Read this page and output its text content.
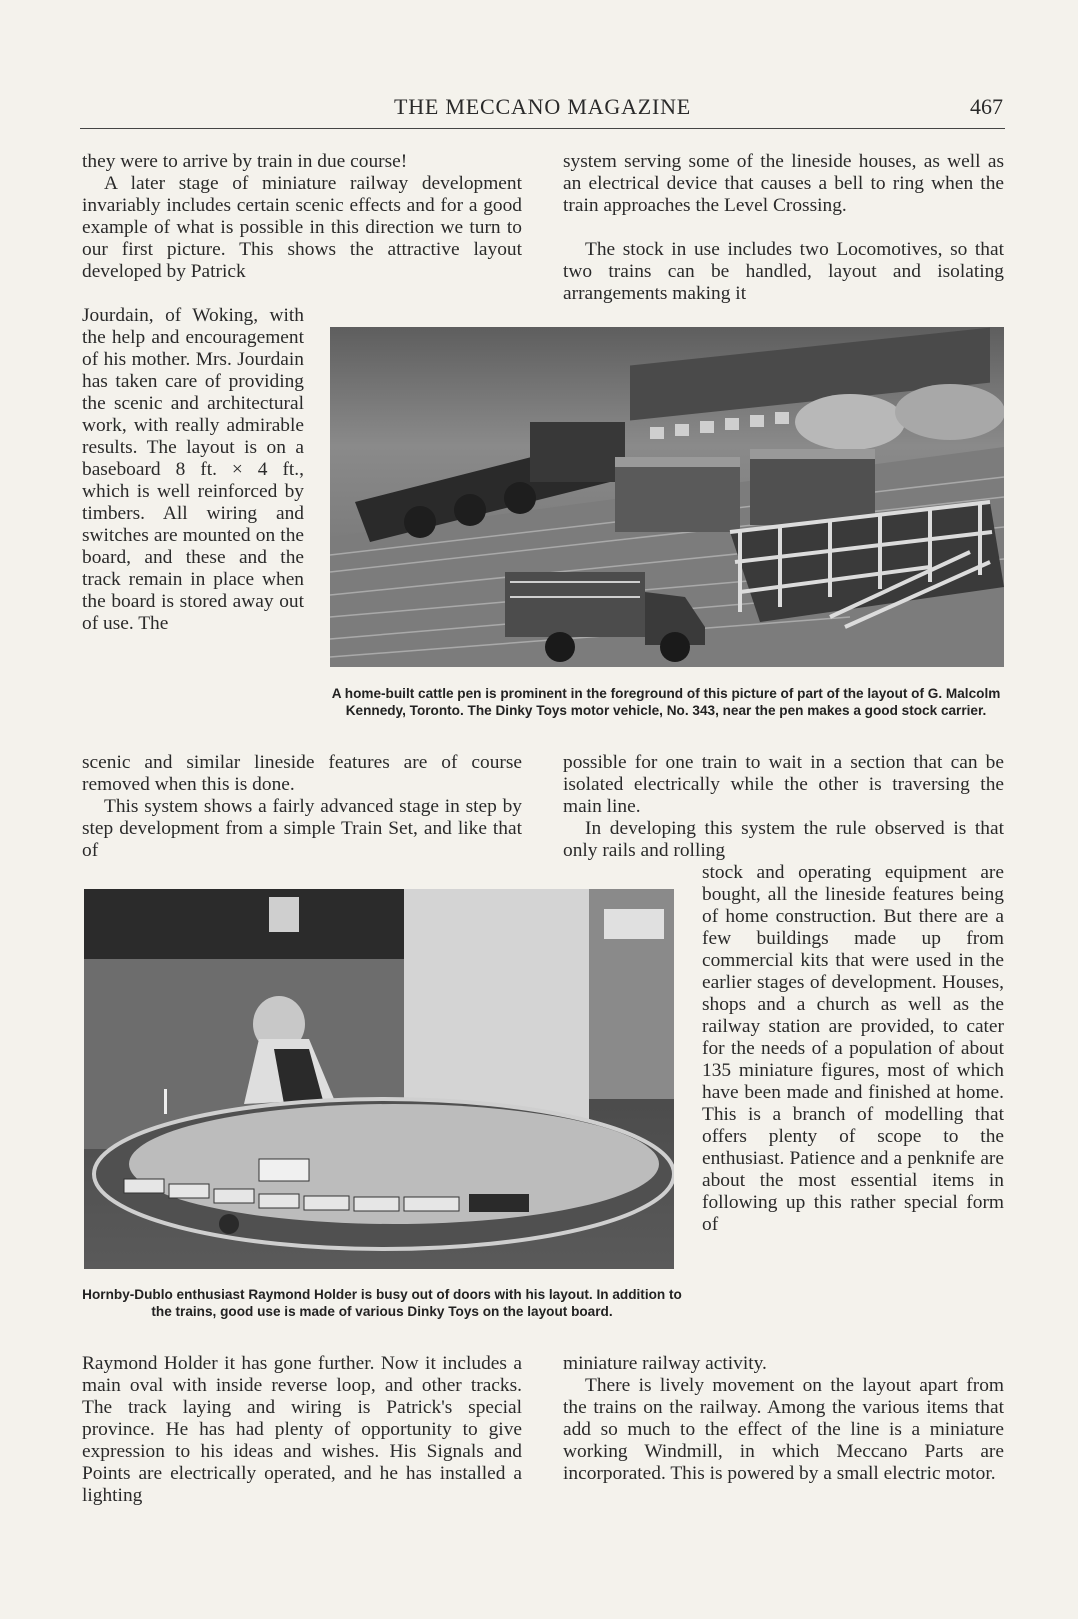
THE MECCANO MAGAZINE	467

they were to arrive by train in due course!

A later stage of miniature railway development invariably includes certain scenic effects and for a good example of what is possible in this direction we turn to our first picture. This shows the attractive layout developed by Patrick

Jourdain, of Woking, with the help and encouragement of his mother. Mrs. Jourdain has taken care of providing the scenic and architectural work, with really admirable results. The layout is on a baseboard 8 ft. × 4 ft., which is well reinforced by timbers. All wiring and switches are mounted on the board, and these and the track remain in place when the board is stored away out of use. The

scenic and similar lineside features are of course removed when this is done.

This system shows a fairly advanced stage in step by step development from a simple Train Set, and like that of

Raymond Holder it has gone further. Now it includes a main oval with inside reverse loop, and other tracks. The track laying and wiring is Patrick's special province. He has had plenty of opportunity to give expression to his ideas and wishes. His Signals and Points are electrically operated, and he has installed a lighting

system serving some of the lineside houses, as well as an electrical device that causes a bell to ring when the train approaches the Level Crossing.

The stock in use includes two Locomotives, so that two trains can be handled, layout and isolating arrangements making it

possible for one train to wait in a section that can be isolated electrically while the other is traversing the main line.

In developing this system the rule observed is that only rails and rolling

stock and operating equipment are bought, all the lineside features being of home construction. But there are a few buildings made up from commercial kits that were used in the earlier stages of development. Houses, shops and a church as well as the railway station are provided, to cater for the needs of a population of about 135 miniature figures, most of which have been made and finished at home. This is a branch of modelling that offers plenty of scope to the enthusiast. Patience and a penknife are about the most essential items in following up this rather special form of

miniature railway activity.

There is lively movement on the layout apart from the trains on the railway. Among the various items that add so much to the effect of the line is a miniature working Windmill, in which Meccano Parts are incorporated. This is powered by a small electric motor.

A home-built cattle pen is prominent in the foreground of this picture of part of the layout of G. Malcolm Kennedy, Toronto. The Dinky Toys motor vehicle, No. 343, near the pen makes a good stock carrier.

Hornby-Dublo enthusiast Raymond Holder is busy out of doors with his layout. In addition to the trains, good use is made of various Dinky Toys on the layout board.
